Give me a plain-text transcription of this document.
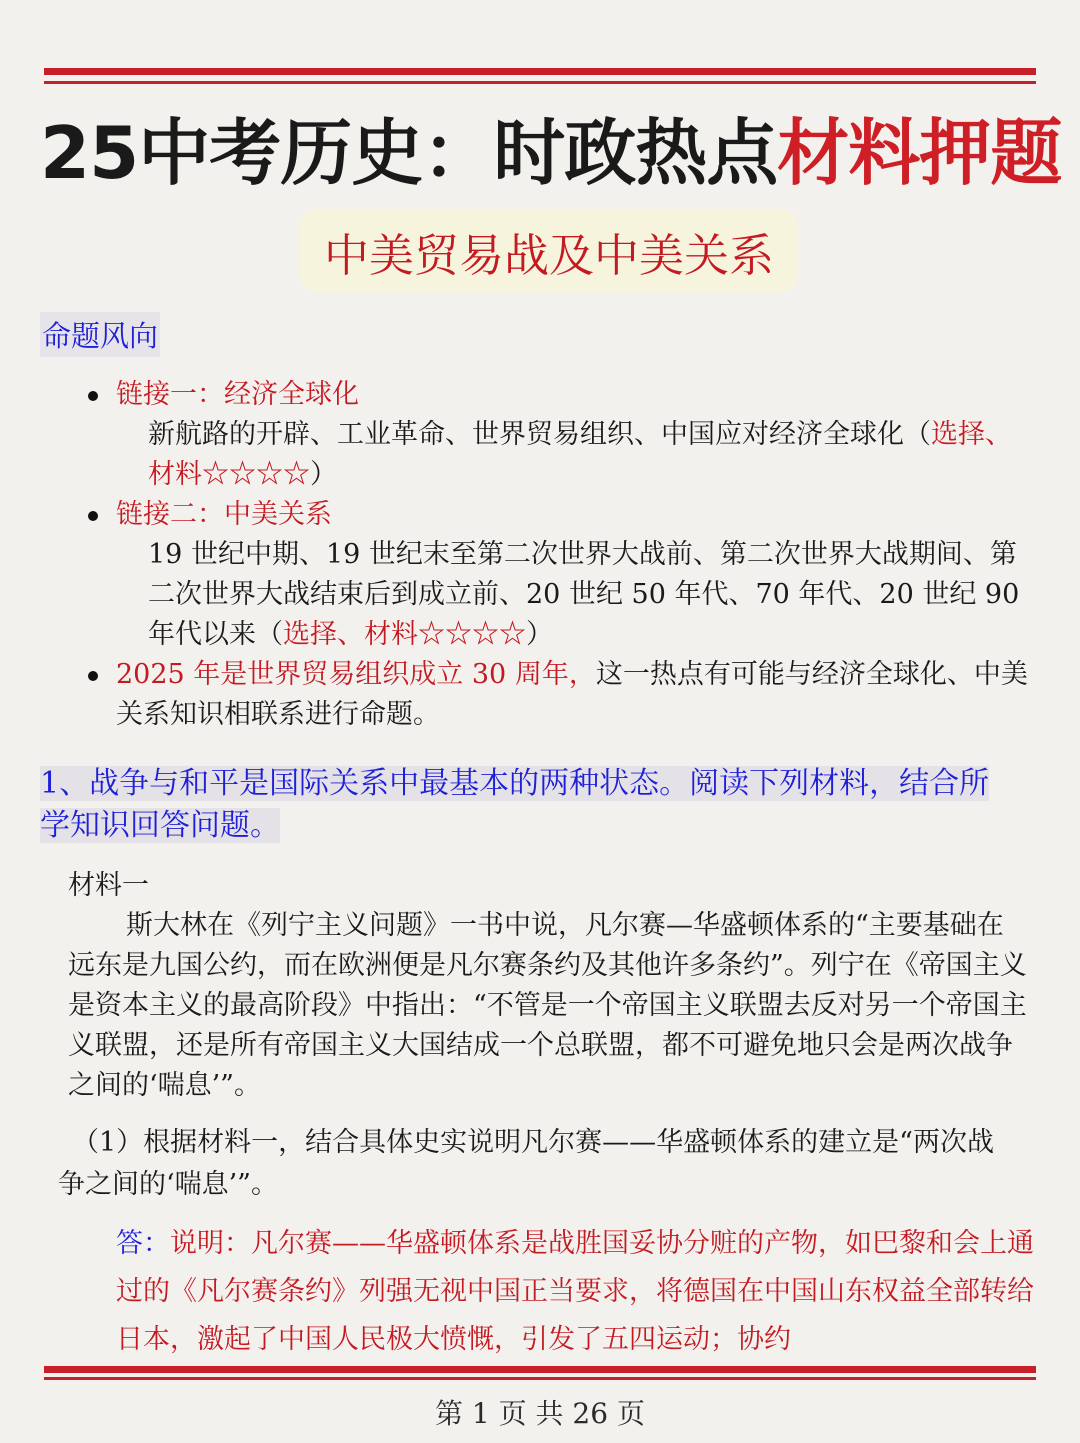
25中考历史：时政热点材料押题
中美贸易战及中美关系
命题风向
链接一：经济全球化
新航路的开辟、工业革命、世界贸易组织、中国应对经济全球化（选择、材料☆☆☆☆）
链接二：中美关系
19 世纪中期、19 世纪末至第二次世界大战前、第二次世界大战期间、第二次世界大战结束后到成立前、20 世纪 50 年代、70 年代、20 世纪 90 年代以来（选择、材料☆☆☆☆）
2025 年是世界贸易组织成立 30 周年，这一热点有可能与经济全球化、中美关系知识相联系进行命题。
1、战争与和平是国际关系中最基本的两种状态。阅读下列材料，结合所学知识回答问题。
材料一
斯大林在《列宁主义问题》一书中说，凡尔赛—华盛顿体系的“主要基础在远东是九国公约，而在欧洲便是凡尔赛条约及其他许多条约”。列宁在《帝国主义是资本主义的最高阶段》中指出：“不管是一个帝国主义联盟去反对另一个帝国主义联盟，还是所有帝国主义大国结成一个总联盟，都不可避免地只会是两次战争之间的‘喘息’”。
（1）根据材料一，结合具体史实说明凡尔赛——华盛顿体系的建立是“两次战争之间的‘喘息’”。
答：说明：凡尔赛——华盛顿体系是战胜国妥协分赃的产物，如巴黎和会上通过的《凡尔赛条约》列强无视中国正当要求，将德国在中国山东权益全部转给日本，激起了中国人民极大愤慨，引发了五四运动；协约
第 1 页 共 26 页
